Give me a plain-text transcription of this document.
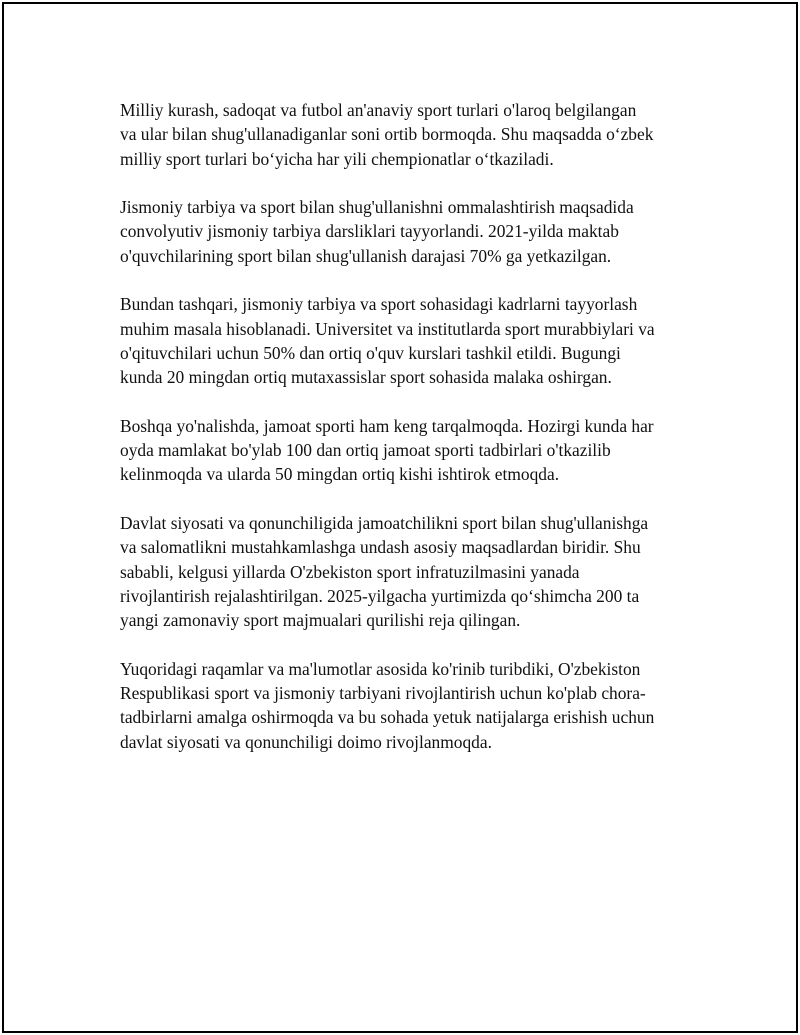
Milliy kurash, sadoqat va futbol an'anaviy sport turlari o'laroq belgilangan
va ular bilan shug'ullanadiganlar soni ortib bormoqda. Shu maqsadda o‘zbek
milliy sport turlari bo‘yicha har yili chempionatlar o‘tkaziladi.

Jismoniy tarbiya va sport bilan shug'ullanishni ommalashtirish maqsadida
convolyutiv jismoniy tarbiya darsliklari tayyorlandi. 2021-yilda maktab
o'quvchilarining sport bilan shug'ullanish darajasi 70% ga yetkazilgan.

Bundan tashqari, jismoniy tarbiya va sport sohasidagi kadrlarni tayyorlash
muhim masala hisoblanadi. Universitet va institutlarda sport murabbiylari va
o'qituvchilari uchun 50% dan ortiq o'quv kurslari tashkil etildi. Bugungi
kunda 20 mingdan ortiq mutaxassislar sport sohasida malaka oshirgan.

Boshqa yo'nalishda, jamoat sporti ham keng tarqalmoqda. Hozirgi kunda har
oyda mamlakat bo'ylab 100 dan ortiq jamoat sporti tadbirlari o'tkazilib
kelinmoqda va ularda 50 mingdan ortiq kishi ishtirok etmoqda.

Davlat siyosati va qonunchiligida jamoatchilikni sport bilan shug'ullanishga
va salomatlikni mustahkamlashga undash asosiy maqsadlardan biridir. Shu
sababli, kelgusi yillarda O'zbekiston sport infratuzilmasini yanada
rivojlantirish rejalashtirilgan. 2025-yilgacha yurtimizda qo‘shimcha 200 ta
yangi zamonaviy sport majmualari qurilishi reja qilingan.

Yuqoridagi raqamlar va ma'lumotlar asosida ko'rinib turibdiki, O'zbekiston
Respublikasi sport va jismoniy tarbiyani rivojlantirish uchun ko'plab chora-
tadbirlarni amalga oshirmoqda va bu sohada yetuk natijalarga erishish uchun
davlat siyosati va qonunchiligi doimo rivojlanmoqda.
